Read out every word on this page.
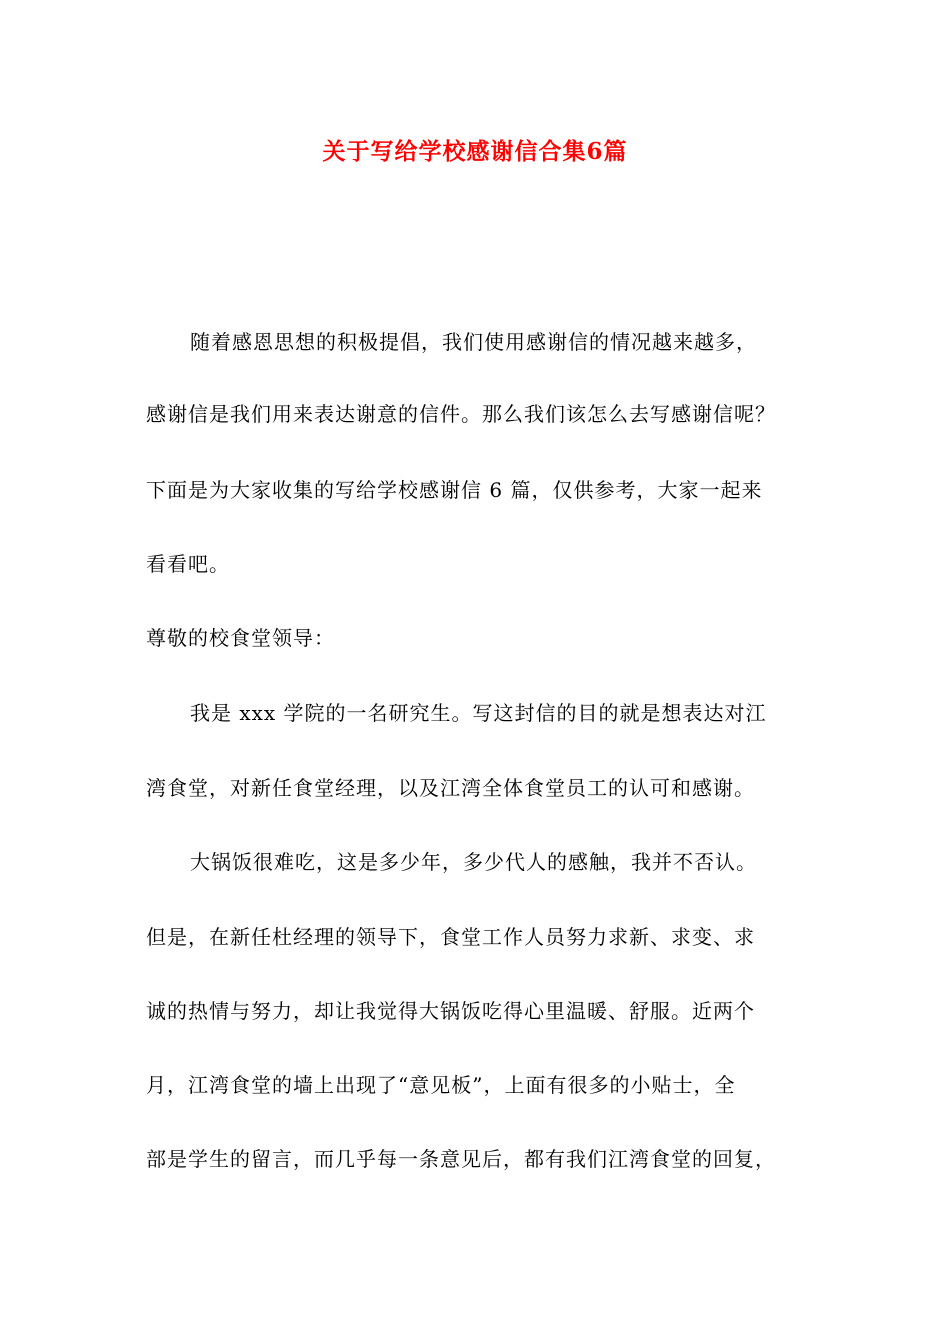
关于写给学校感谢信合集6篇
随着感恩思想的积极提倡，我们使用感谢信的情况越来越多，
感谢信是我们用来表达谢意的信件。那么我们该怎么去写感谢信呢？
下面是为大家收集的写给学校感谢信 6 篇，仅供参考，大家一起来
看看吧。
尊敬的校食堂领导：
我是 xxx 学院的一名研究生。写这封信的目的就是想表达对江
湾食堂，对新任食堂经理，以及江湾全体食堂员工的认可和感谢。
大锅饭很难吃，这是多少年，多少代人的感触，我并不否认。
但是，在新任杜经理的领导下，食堂工作人员努力求新、求变、求
诚的热情与努力，却让我觉得大锅饭吃得心里温暖、舒服。近两个
月，江湾食堂的墙上出现了“意见板”，上面有很多的小贴士，全
部是学生的留言，而几乎每一条意见后，都有我们江湾食堂的回复，
